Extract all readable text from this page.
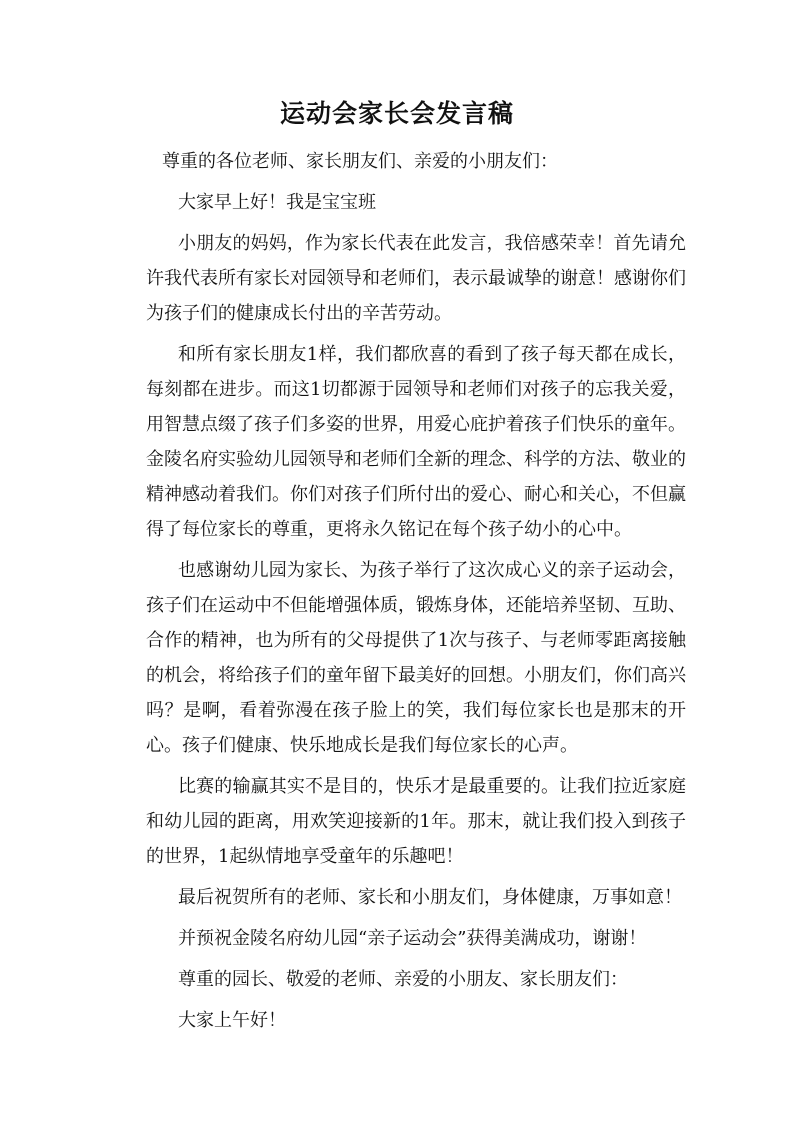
运动会家长会发言稿

尊重的各位老师、家长朋友们、亲爱的小朋友们：

大家早上好！我是宝宝班

小朋友的妈妈，作为家长代表在此发言，我倍感荣幸！首先请允许我代表所有家长对园领导和老师们，表示最诚挚的谢意！感谢你们为孩子们的健康成长付出的辛苦劳动。

和所有家长朋友1样，我们都欣喜的看到了孩子每天都在成长，每刻都在进步。而这1切都源于园领导和老师们对孩子的忘我关爱，用智慧点缀了孩子们多姿的世界，用爱心庇护着孩子们快乐的童年。金陵名府实验幼儿园领导和老师们全新的理念、科学的方法、敬业的精神感动着我们。你们对孩子们所付出的爱心、耐心和关心，不但赢得了每位家长的尊重，更将永久铭记在每个孩子幼小的心中。

也感谢幼儿园为家长、为孩子举行了这次成心义的亲子运动会，孩子们在运动中不但能增强体质，锻炼身体，还能培养坚韧、互助、合作的精神，也为所有的父母提供了1次与孩子、与老师零距离接触的机会，将给孩子们的童年留下最美好的回想。小朋友们，你们高兴吗？是啊，看着弥漫在孩子脸上的笑，我们每位家长也是那末的开心。孩子们健康、快乐地成长是我们每位家长的心声。

比赛的输赢其实不是目的，快乐才是最重要的。让我们拉近家庭和幼儿园的距离，用欢笑迎接新的1年。那末，就让我们投入到孩子的世界，1起纵情地享受童年的乐趣吧！

最后祝贺所有的老师、家长和小朋友们，身体健康，万事如意！

并预祝金陵名府幼儿园“亲子运动会”获得美满成功，谢谢！

尊重的园长、敬爱的老师、亲爱的小朋友、家长朋友们：

大家上午好！
